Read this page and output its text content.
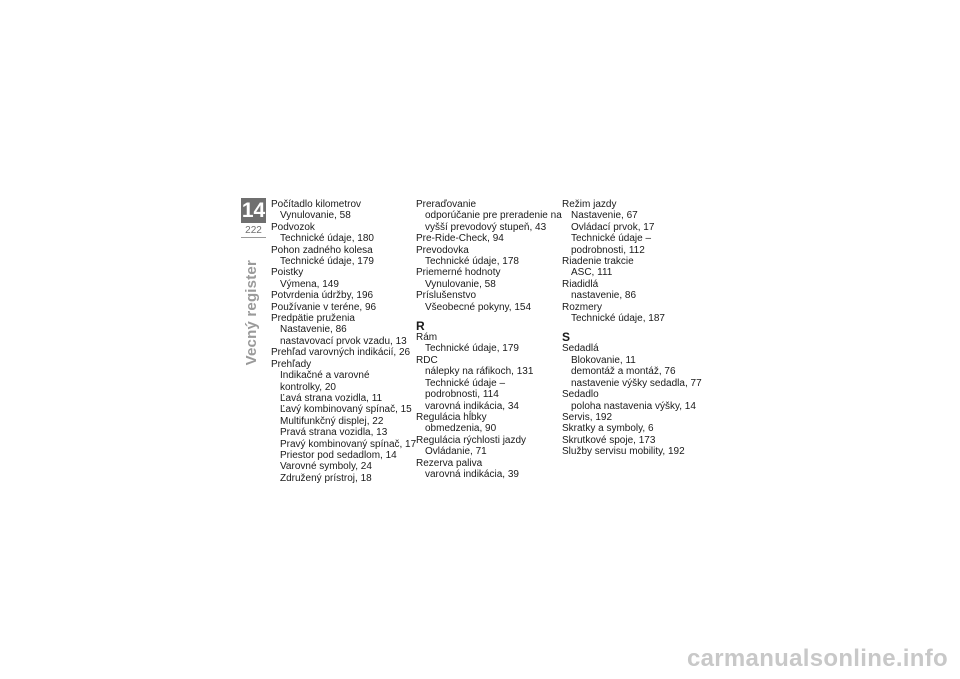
14
222
Vecný register
Počítadlo kilometrov
Vynulovanie, 58
Podvozok
Technické údaje, 180
Pohon zadného kolesa
Technické údaje, 179
Poistky
Výmena, 149
Potvrdenia údržby, 196
Používanie v teréne, 96
Predpätie pruženia
Nastavenie, 86
nastavovací prvok vzadu, 13
Prehľad varovných indikácií, 26
Prehľady
Indikačné a varovné
kontrolky, 20
Ľavá strana vozidla, 11
Ľavý kombinovaný spínač, 15
Multifunkčný displej, 22
Pravá strana vozidla, 13
Pravý kombinovaný spínač, 17
Priestor pod sedadlom, 14
Varovné symboly, 24
Združený prístroj, 18
Preraďovanie
odporúčanie pre preradenie na
vyšší prevodový stupeň, 43
Pre-Ride-Check, 94
Prevodovka
Technické údaje, 178
Priemerné hodnoty
Vynulovanie, 58
Príslušenstvo
Všeobecné pokyny, 154
R
Rám
Technické údaje, 179
RDC
nálepky na ráfikoch, 131
Technické údaje –
podrobnosti, 114
varovná indikácia, 34
Regulácia hĺbky
obmedzenia, 90
Regulácia rýchlosti jazdy
Ovládanie, 71
Rezerva paliva
varovná indikácia, 39
Režim jazdy
Nastavenie, 67
Ovládací prvok, 17
Technické údaje –
podrobnosti, 112
Riadenie trakcie
ASC, 111
Riadidlá
nastavenie, 86
Rozmery
Technické údaje, 187
S
Sedadlá
Blokovanie, 11
demontáž a montáž, 76
nastavenie výšky sedadla, 77
Sedadlo
poloha nastavenia výšky, 14
Servis, 192
Skratky a symboly, 6
Skrutkové spoje, 173
Služby servisu mobility, 192
carmanualsonline.info
